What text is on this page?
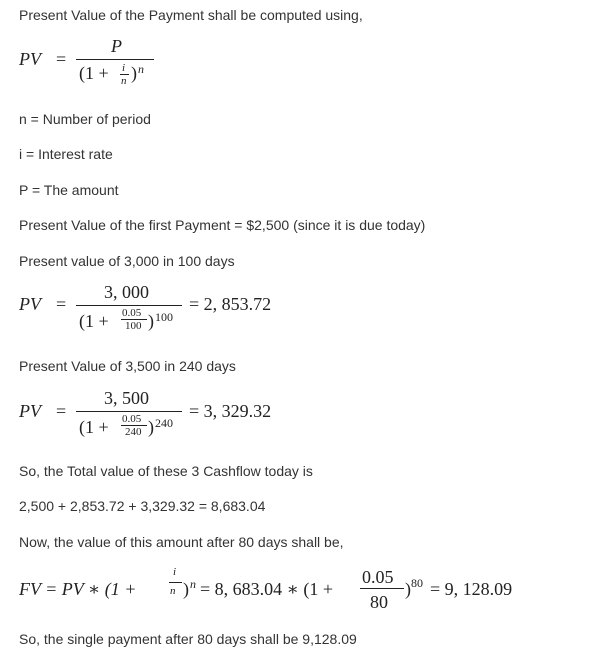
Present Value of the Payment shall be computed using,
PV =
P
(1 + i
n ) n
n = Number of period
i = Interest rate
P = The amount
Present Value of the first Payment = $2,500 (since it is due today)
Present value of 3,000 in 100 days
PV =
3, 000
(1 + 0.05
100 ) 100
= 2, 853.72
Present Value of 3,500 in 240 days
PV =
3, 500
(1 + 0.05
240 ) 240
= 3, 329.32
So, the Total value of these 3 Cashflow today is
2,500 + 2,853.72 + 3,329.32 = 8,683.04
Now, the value of this amount after 80 days shall be,
FV = PV ∗ (1 +
i
n ) n = 8, 683.04 ∗ (1 +
0.05
80
) 80 = 9, 128.09
So, the single payment after 80 days shall be 9,128.09
